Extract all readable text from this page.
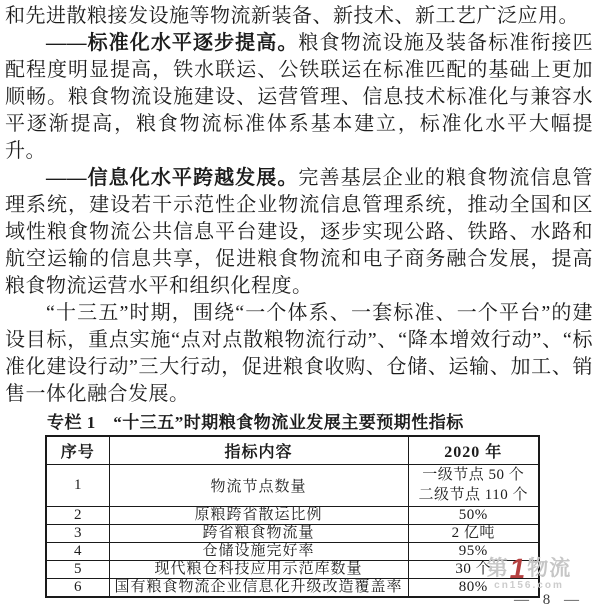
和先进散粮接发设施等物流新装备、新技术、新工艺广泛应用。

——标准化水平逐步提高。粮食物流设施及装备标准衔接匹配程度明显提高，铁水联运、公铁联运在标准匹配的基础上更加顺畅。粮食物流设施建设、运营管理、信息技术标准化与兼容水平逐渐提高，粮食物流标准体系基本建立，标准化水平大幅提升。

——信息化水平跨越发展。完善基层企业的粮食物流信息管理系统，建设若干示范性企业物流信息管理系统，推动全国和区域性粮食物流公共信息平台建设，逐步实现公路、铁路、水路和航空运输的信息共享，促进粮食物流和电子商务融合发展，提高粮食物流运营水平和组织化程度。

“十三五”时期，围绕“一个体系、一套标准、一个平台”的建设目标，重点实施“点对点散粮物流行动”、“降本增效行动”、“标准化建设行动”三大行动，促进粮食收购、仓储、运输、加工、销售一体化融合发展。

专栏 1　“十三五”时期粮食物流业发展主要预期性指标
序号	指标内容	2020 年
1	物流节点数量	一级节点 50 个
二级节点 110 个

2	原粮跨省散运比例	50%
3	跨省粮食物流量	2 亿吨
4	仓储设施完好率	95%
5	现代粮仓科技应用示范库数量	30 个
6	国有粮食物流企业信息化升级改造覆盖率	80%
第1物流
cn156.com
— 8 —
